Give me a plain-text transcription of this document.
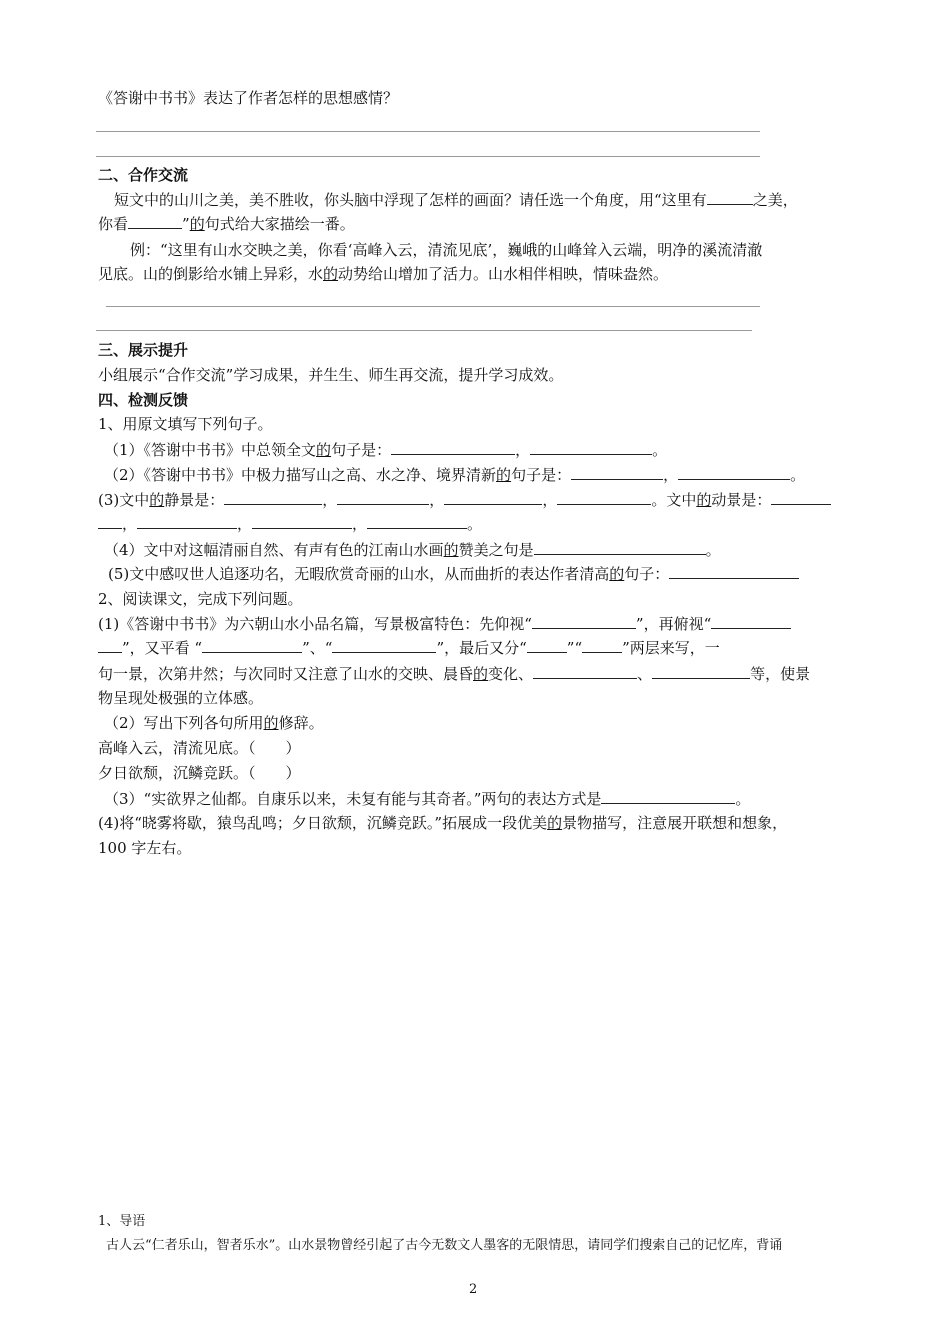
《答谢中书书》表达了作者怎样的思想感情？
二、合作交流
短文中的山川之美，美不胜收，你头脑中浮现了怎样的画面？请任选一个角度，用“这里有	之美，
你看	”的句式给大家描绘一番。
例：“这里有山水交映之美，你看‘高峰入云，清流见底’，巍峨的山峰耸入云端，明净的溪流清澈
见底。山的倒影给水铺上异彩，水的动势给山增加了活力。山水相伴相映，情味盎然。
三、展示提升
小组展示“合作交流”学习成果，并生生、师生再交流，提升学习成效。
四、检测反馈
1、用原文填写下列句子。
（1）《答谢中书书》中总领全文的句子是：	，	。
（2）《答谢中书书》中极力描写山之高、水之净、境界清新的句子是：	，	。
(3)文中的静景是：	，	，	，	。文中的动景是：
，	，	，	。
（4）文中对这幅清丽自然、有声有色的江南山水画的赞美之句是	。
(5)文中感叹世人追逐功名，无暇欣赏奇丽的山水，从而曲折的表达作者清高的句子：
2、阅读课文，完成下列问题。
(1)《答谢中书书》为六朝山水小品名篇，写景极富特色：先仰视“	”，再俯视“
”，又平看 “	”、“	”，最后又分“	”“	”两层来写，一
句一景，次第井然；与次同时又注意了山水的交映、晨昏的变化、	、	等，使景
物呈现处极强的立体感。
（2）写出下列各句所用的修辞。
高峰入云，清流见底。（　　）
夕日欲颓，沉鳞竞跃。（　　）
（3）“实欲界之仙都。自康乐以来，未复有能与其奇者。”两句的表达方式是	。
(4)将“晓雾将歇，猿鸟乱鸣；夕日欲颓，沉鳞竞跃。”拓展成一段优美的景物描写，注意展开联想和想象，
100 字左右。
1、导语
古人云“仁者乐山，智者乐水”。山水景物曾经引起了古今无数文人墨客的无限情思，请同学们搜索自己的记忆库，背诵
2
